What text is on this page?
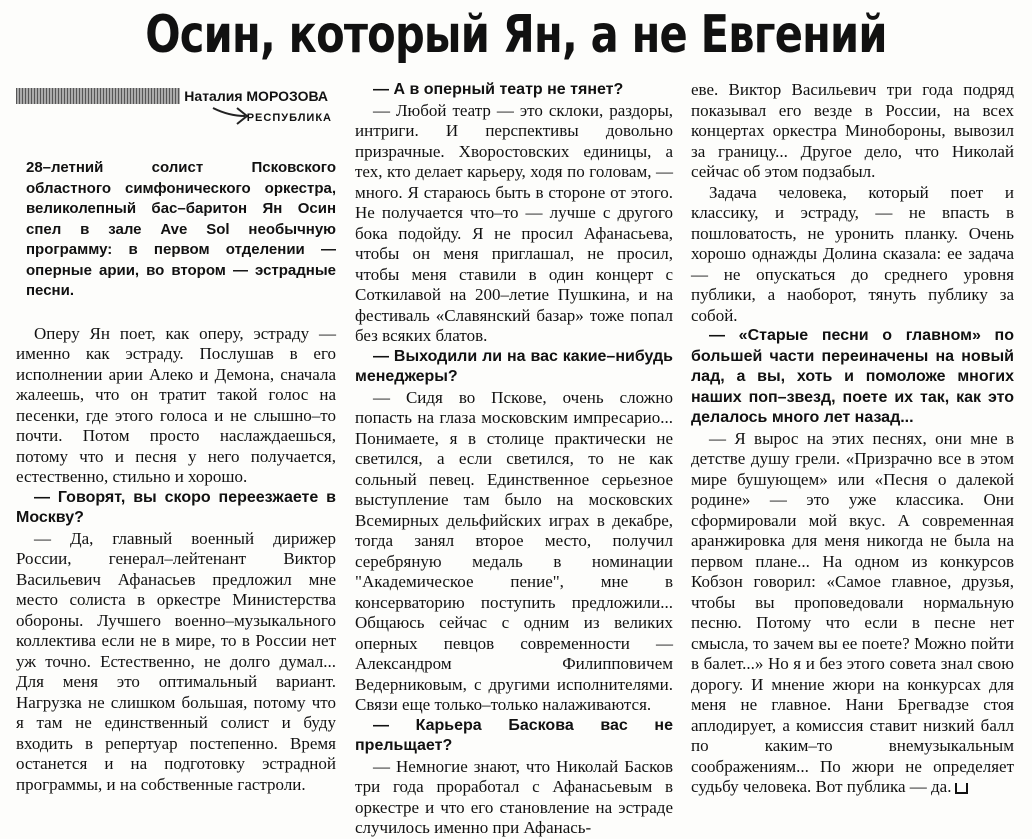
Осин, который Ян, а не Евгений
Наталия МОРОЗОВА
РЕСПУБЛИКА

28–летний солист Псковского областного симфонического оркестра, великолепный бас–баритон Ян Осин спел в зале Ave Sol необычную программу: в первом отделении — оперные арии, во втором — эстрадные песни.

Оперу Ян поет, как оперу, эстраду — именно как эстраду. Послушав в его исполнении арии Алеко и Демона, сначала жалеешь, что он тратит такой голос на песенки, где этого голоса и не слышно–то почти. Потом просто наслаждаешься, потому что и песня у него получается, естественно, стильно и хорошо.

— Говорят, вы скоро переезжаете в Москву?

— Да, главный военный дирижер России, генерал–лейтенант Виктор Васильевич Афанасьев предложил мне место солиста в оркестре Министерства обороны. Лучшего военно–музыкального коллектива если не в мире, то в России нет уж точно. Естественно, не долго думал... Для меня это оптимальный вариант. Нагрузка не слишком большая, потому что я там не единственный солист и буду входить в репертуар постепенно. Время останется и на подготовку эстрадной программы, и на собственные гастроли.

— А в оперный театр не тянет?

— Любой театр — это склоки, раздоры, интриги. И перспективы довольно призрачные. Хворостовских единицы, а тех, кто делает карьеру, ходя по головам, — много. Я стараюсь быть в стороне от этого. Не получается что–то — лучше с другого бока подойду. Я не просил Афанасьева, чтобы он меня приглашал, не просил, чтобы меня ставили в один концерт с Соткилавой на 200–летие Пушкина, и на фестиваль «Славянский базар» тоже попал без всяких блатов.

— Выходили ли на вас какие–нибудь менеджеры?

— Сидя во Пскове, очень сложно попасть на глаза московским импресарио... Понимаете, я в столице практически не светился, а если светился, то не как сольный певец. Единственное серьезное выступление там было на московских Всемирных дельфийских играх в декабре, тогда занял второе место, получил серебряную медаль в номинации "Академическое пение", мне в консерваторию поступить предложили... Общаюсь сейчас с одним из великих оперных певцов современности — Александром Филипповичем Ведерниковым, с другими исполнителями. Связи еще только–только налаживаются.

— Карьера Баскова вас не прельщает?

— Немногие знают, что Николай Басков три года проработал с Афанасьевым в оркестре и что его становление на эстраде случилось именно при Афанась-

еве. Виктор Васильевич три года подряд показывал его везде в России, на всех концертах оркестра Минобороны, вывозил за границу... Другое дело, что Николай сейчас об этом подзабыл.

Задача человека, который поет и классику, и эстраду, — не впасть в пошловатость, не уронить планку. Очень хорошо однажды Долина сказала: ее задача — не опускаться до среднего уровня публики, а наоборот, тянуть публику за собой.

— «Старые песни о главном» по большей части переиначены на новый лад, а вы, хоть и помоложе многих наших поп–звезд, поете их так, как это делалось много лет назад...

— Я вырос на этих песнях, они мне в детстве душу грели. «Призрачно все в этом мире бушующем» или «Песня о далекой родине» — это уже классика. Они сформировали мой вкус. А современная аранжировка для меня никогда не была на первом плане... На одном из конкурсов Кобзон говорил: «Самое главное, друзья, чтобы вы проповедовали нормальную песню. Потому что если в песне нет смысла, то зачем вы ее поете? Можно пойти в балет...» Но я и без этого совета знал свою дорогу. И мнение жюри на конкурсах для меня не главное. Нани Брегвадзе стоя аплодирует, а комиссия ставит низкий балл по каким–то внемузыкальным соображениям... По жюри не определяет судьбу человека. Вот публика — да.
